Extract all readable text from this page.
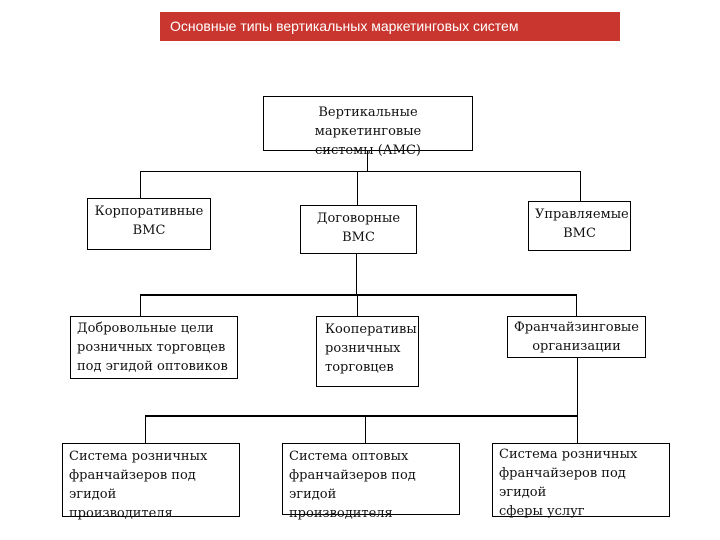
Основные типы вертикальных маркетинговых систем
Вертикальные маркетинговые
системы (АМС)
Корпоративные
ВМС
Договорные
ВМС
Управляемые
ВМС
Добровольные цели
розничных торговцев
под эгидой оптовиков
Кооперативы
розничных
торговцев
Франчайзинговые
организации
Система розничных
франчайзеров под эгидой
производителя
Система оптовых
франчайзеров под эгидой
производителя
Система розничных
франчайзеров под эгидой
сферы услуг
